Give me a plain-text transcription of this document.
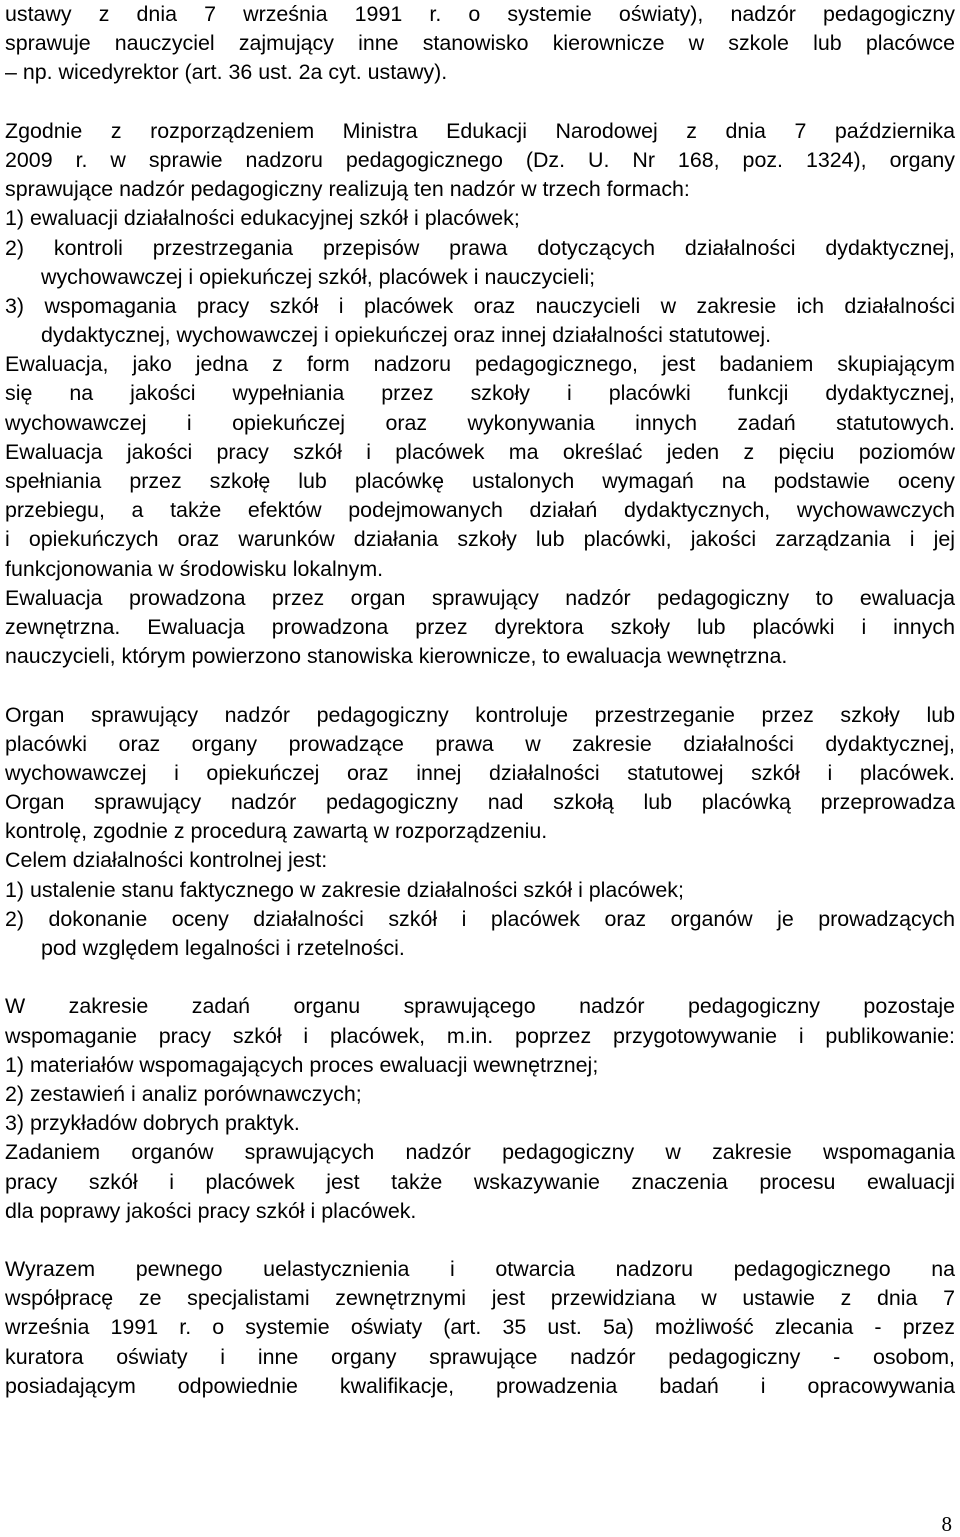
ustawy z dnia 7 września 1991 r. o systemie oświaty), nadzór pedagogiczny
sprawuje nauczyciel zajmujący inne stanowisko kierownicze w szkole lub placówce
– np. wicedyrektor (art. 36 ust. 2a cyt. ustawy).
Zgodnie z rozporządzeniem Ministra Edukacji Narodowej z dnia 7 października
2009 r. w sprawie nadzoru pedagogicznego (Dz. U. Nr 168, poz. 1324), organy
sprawujące nadzór pedagogiczny realizują ten nadzór w trzech formach:
1) ewaluacji działalności edukacyjnej szkół i placówek;
2) kontroli przestrzegania przepisów prawa dotyczących działalności dydaktycznej,
wychowawczej i opiekuńczej szkół, placówek i nauczycieli;
3) wspomagania pracy szkół i placówek oraz nauczycieli w zakresie ich działalności
dydaktycznej, wychowawczej i opiekuńczej oraz innej działalności statutowej.
Ewaluacja, jako jedna z form nadzoru pedagogicznego, jest badaniem skupiającym
się na jakości wypełniania przez szkoły i placówki funkcji dydaktycznej,
wychowawczej i opiekuńczej oraz wykonywania innych zadań statutowych.
Ewaluacja jakości pracy szkół i placówek ma określać jeden z pięciu poziomów
spełniania przez szkołę lub placówkę ustalonych wymagań na podstawie oceny
przebiegu, a także efektów podejmowanych działań dydaktycznych, wychowawczych
i opiekuńczych oraz warunków działania szkoły lub placówki, jakości zarządzania i jej
funkcjonowania w środowisku lokalnym.
Ewaluacja prowadzona przez organ sprawujący nadzór pedagogiczny to ewaluacja
zewnętrzna. Ewaluacja prowadzona przez dyrektora szkoły lub placówki i innych
nauczycieli, którym powierzono stanowiska kierownicze, to ewaluacja wewnętrzna.
Organ sprawujący nadzór pedagogiczny kontroluje przestrzeganie przez szkoły lub
placówki oraz organy prowadzące prawa w zakresie działalności dydaktycznej,
wychowawczej i opiekuńczej oraz innej działalności statutowej szkół i placówek.
Organ sprawujący nadzór pedagogiczny nad szkołą lub placówką przeprowadza
kontrolę, zgodnie z procedurą zawartą w rozporządzeniu.
Celem działalności kontrolnej jest:
1) ustalenie stanu faktycznego w zakresie działalności szkół i placówek;
2) dokonanie oceny działalności szkół i placówek oraz organów je prowadzących
pod względem legalności i rzetelności.
W zakresie zadań organu sprawującego nadzór pedagogiczny pozostaje
wspomaganie pracy szkół i placówek, m.in. poprzez przygotowywanie i publikowanie:
1) materiałów wspomagających proces ewaluacji wewnętrznej;
2) zestawień i analiz porównawczych;
3) przykładów dobrych praktyk.
Zadaniem organów sprawujących nadzór pedagogiczny w zakresie wspomagania
pracy szkół i placówek jest także wskazywanie znaczenia procesu ewaluacji
dla poprawy jakości pracy szkół i placówek.
Wyrazem pewnego uelastycznienia i otwarcia nadzoru pedagogicznego na
współpracę ze specjalistami zewnętrznymi jest przewidziana w ustawie z dnia 7
września 1991 r. o systemie oświaty (art. 35 ust. 5a) możliwość zlecania - przez
kuratora oświaty i inne organy sprawujące nadzór pedagogiczny - osobom,
posiadającym odpowiednie kwalifikacje, prowadzenia badań i opracowywania
8
